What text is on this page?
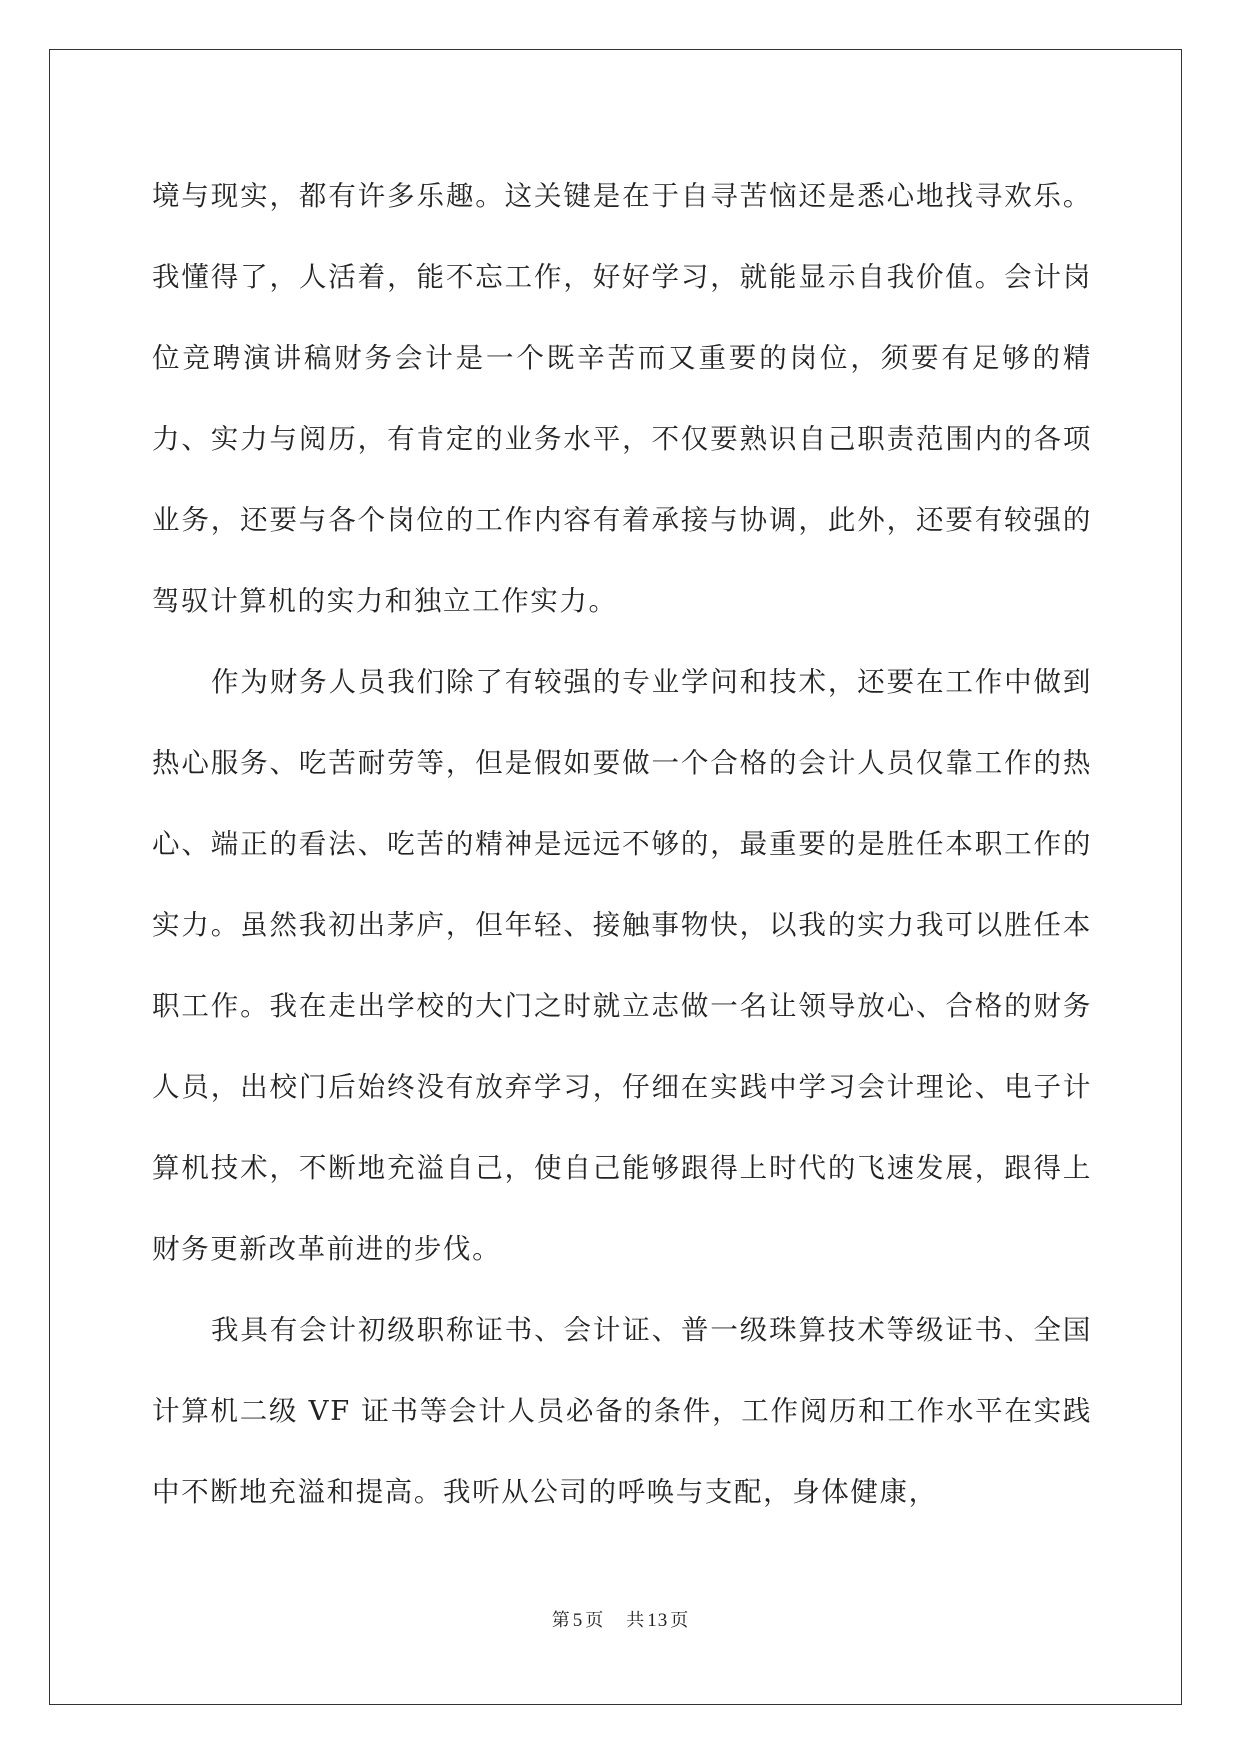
境与现实，都有许多乐趣。这关键是在于自寻苦恼还是悉心地找寻欢乐。我懂得了，人活着，能不忘工作，好好学习，就能显示自我价值。会计岗位竞聘演讲稿财务会计是一个既辛苦而又重要的岗位，须要有足够的精力、实力与阅历，有肯定的业务水平，不仅要熟识自己职责范围内的各项业务，还要与各个岗位的工作内容有着承接与协调，此外，还要有较强的驾驭计算机的实力和独立工作实力。

作为财务人员我们除了有较强的专业学问和技术，还要在工作中做到热心服务、吃苦耐劳等，但是假如要做一个合格的会计人员仅靠工作的热心、端正的看法、吃苦的精神是远远不够的，最重要的是胜任本职工作的实力。虽然我初出茅庐，但年轻、接触事物快，以我的实力我可以胜任本职工作。我在走出学校的大门之时就立志做一名让领导放心、合格的财务人员，出校门后始终没有放弃学习，仔细在实践中学习会计理论、电子计算机技术，不断地充溢自己，使自己能够跟得上时代的飞速发展，跟得上财务更新改革前进的步伐。

我具有会计初级职称证书、会计证、普一级珠算技术等级证书、全国计算机二级 VF 证书等会计人员必备的条件，工作阅历和工作水平在实践中不断地充溢和提高。我听从公司的呼唤与支配，身体健康，

第 5 页 共 13 页
